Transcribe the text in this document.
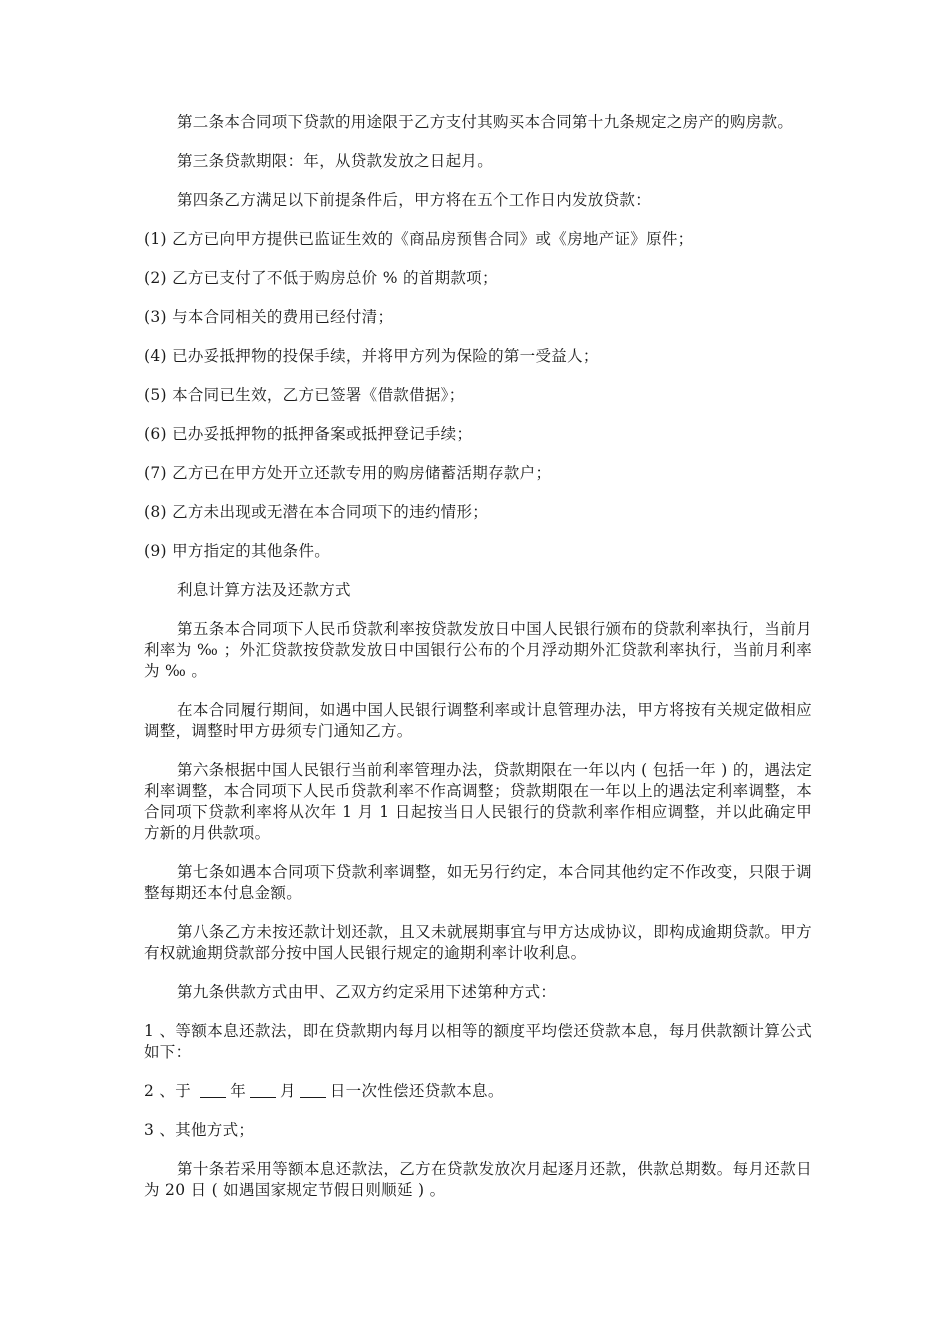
第二条本合同项下贷款的用途限于乙方支付其购买本合同第十九条规定之房产的购房款。

第三条贷款期限：年，从贷款发放之日起月。

第四条乙方满足以下前提条件后，甲方将在五个工作日内发放贷款：

(1) 乙方已向甲方提供已监证生效的《商品房预售合同》或《房地产证》原件；

(2) 乙方已支付了不低于购房总价 % 的首期款项；

(3) 与本合同相关的费用已经付清；

(4) 已办妥抵押物的投保手续，并将甲方列为保险的第一受益人；

(5) 本合同已生效，乙方已签署《借款借据》；

(6) 已办妥抵押物的抵押备案或抵押登记手续；

(7) 乙方已在甲方处开立还款专用的购房储蓄活期存款户；

(8) 乙方未出现或无潜在本合同项下的违约情形；

(9) 甲方指定的其他条件。

利息计算方法及还款方式

第五条本合同项下人民币贷款利率按贷款发放日中国人民银行颁布的贷款利率执行，当前月利率为 ‰ ；外汇贷款按贷款发放日中国银行公布的个月浮动期外汇贷款利率执行，当前月利率为 ‰ 。

在本合同履行期间，如遇中国人民银行调整利率或计息管理办法，甲方将按有关规定做相应调整，调整时甲方毋须专门通知乙方。

第六条根据中国人民银行当前利率管理办法，贷款期限在一年以内 ( 包括一年 ) 的，遇法定利率调整，本合同项下人民币贷款利率不作高调整；贷款期限在一年以上的遇法定利率调整，本合同项下贷款利率将从次年 1 月 1 日起按当日人民银行的贷款利率作相应调整，并以此确定甲方新的月供款项。

第七条如遇本合同项下贷款利率调整，如无另行约定，本合同其他约定不作改变，只限于调整每期还本付息金额。

第八条乙方未按还款计划还款，且又未就展期事宜与甲方达成协议，即构成逾期贷款。甲方有权就逾期贷款部分按中国人民银行规定的逾期利率计收利息。

第九条供款方式由甲、乙双方约定采用下述第种方式：

1 、等额本息还款法，即在贷款期内每月以相等的额度平均偿还贷款本息，每月供款额计算公式如下：

2 、于 年 月 日一次性偿还贷款本息。

3 、其他方式；

第十条若采用等额本息还款法，乙方在贷款发放次月起逐月还款，供款总期数。每月还款日为 20 日 ( 如遇国家规定节假日则顺延 ) 。
